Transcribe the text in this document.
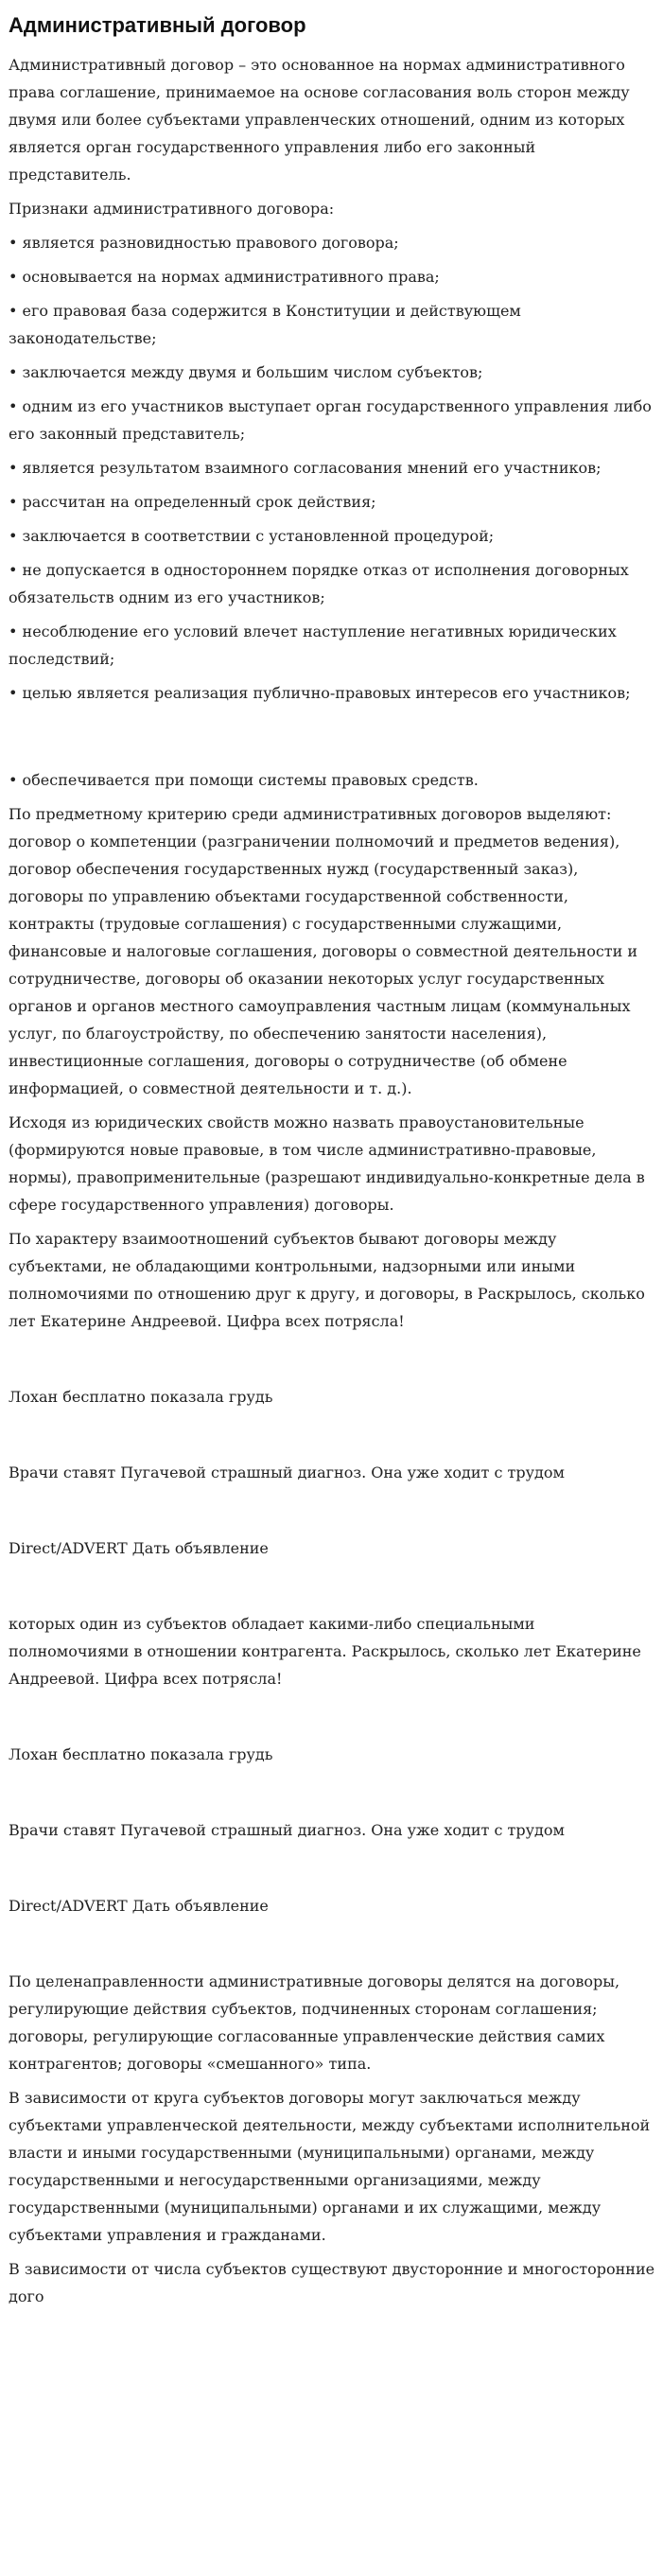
Административный договор

Административный договор – это основанное на нормах административного права соглашение, принимаемое на основе согласования воль сторон между двумя или более субъектами управленческих отношений, одним из которых является орган государственного управления либо его законный представитель.

Признаки административного договора:

• является разновидностью правового договора;

• основывается на нормах административного права;

• его правовая база содержится в Конституции и действующем законодательстве;

• заключается между двумя и большим числом субъектов;

• одним из его участников выступает орган государственного управления либо его законный представитель;

• является результатом взаимного согласования мнений его участников;

• рассчитан на определенный срок действия;

• заключается в соответствии с установленной процедурой;

• не допускается в одностороннем порядке отказ от исполнения договорных обязательств одним из его участников;

• несоблюдение его условий влечет наступление негативных юридических последствий;

• целью является реализация публично-правовых интересов его участников;

• обеспечивается при помощи системы правовых средств.

По предметному критерию среди административных договоров выделяют: договор о компетенции (разграничении полномочий и предметов ведения), договор обеспечения государственных нужд (государственный заказ), договоры по управлению объектами государственной собственности, контракты (трудовые соглашения) с государственными служащими, финансовые и налоговые соглашения, договоры о совместной деятельности и сотрудничестве, договоры об оказании некоторых услуг государственных органов и органов местного самоуправления частным лицам (коммунальных услуг, по благоустройству, по обеспечению занятости населения), инвестиционные соглашения, договоры о сотрудничестве (об обмене информацией, о совместной деятельности и т. д.).

Исходя из юридических свойств можно назвать правоустановительные (формируются новые правовые, в том числе административно-правовые, нормы), правоприменительные (разрешают индивидуально-конкретные дела в сфере государственного управления) договоры.

По характеру взаимоотношений субъектов бывают договоры между субъектами, не обладающими контрольными, надзорными или иными полномочиями по отношению друг к другу, и договоры, в Раскрылось, сколько лет Екатерине Андреевой. Цифра всех потрясла!

Лохан бесплатно показала грудь

Врачи ставят Пугачевой страшный диагноз. Она уже ходит с трудом

Direct/ADVERT Дать объявление

которых один из субъектов обладает какими-либо специальными полномочиями в отношении контрагента. Раскрылось, сколько лет Екатерине Андреевой. Цифра всех потрясла!

Лохан бесплатно показала грудь

Врачи ставят Пугачевой страшный диагноз. Она уже ходит с трудом

Direct/ADVERT Дать объявление

По целенаправленности административные договоры делятся на договоры, регулирующие действия субъектов, подчиненных сторонам соглашения; договоры, регулирующие согласованные управленческие действия самих контрагентов; договоры «смешанного» типа.

В зависимости от круга субъектов договоры могут заключаться между субъектами управленческой деятельности, между субъектами исполнительной власти и иными государственными (муниципальными) органами, между государственными и негосударственными организациями, между государственными (муниципальными) органами и их служащими, между субъектами управления и гражданами.

В зависимости от числа субъектов существуют двусторонние и многосторонние дого
